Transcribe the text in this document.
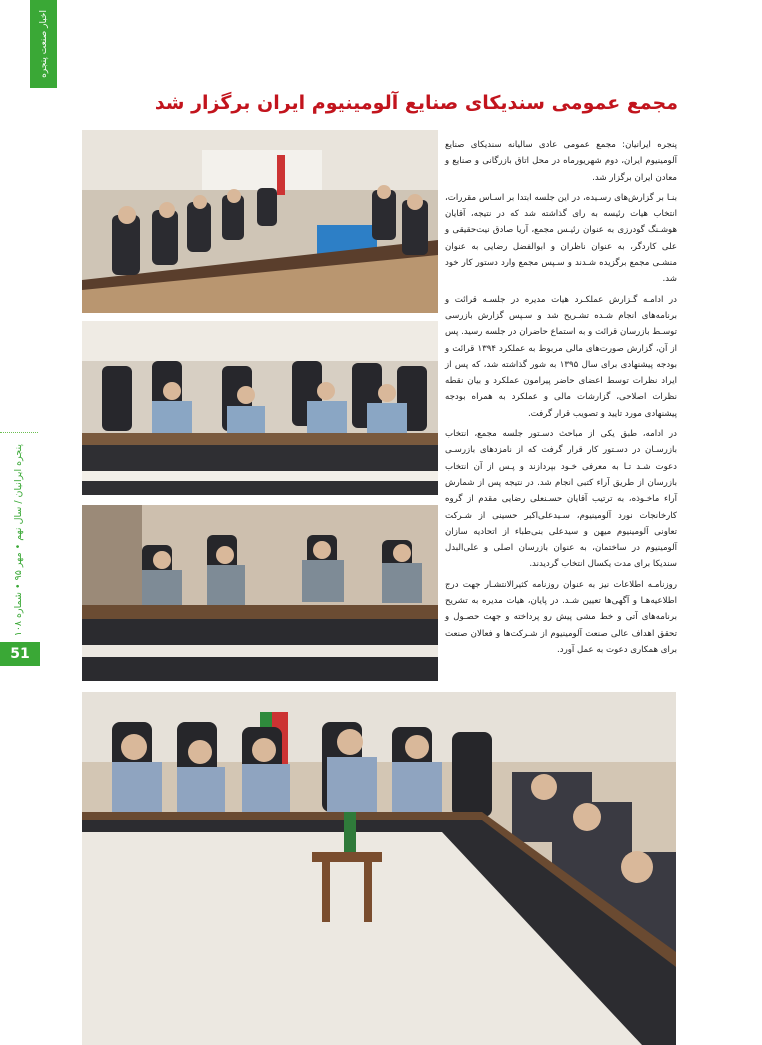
اخبار صنعت پنجره
پنجره ایرانیان / سال نهم • مهر ۹۵ • شماره ۱۰۸
51
مجمع عمومی سندیکای صنایع آلومینیوم ایران برگزار شد

پنجره ایرانیان: مجمع عمومی عادی سالیانه سندیکای صنایع آلومینیوم ایران، دوم شهریورماه در محل اتاق بازرگانی و صنایع و معادن ایران برگزار شد.

بنـا بر گزارش‌های رسـیده، در این جلسه ابتدا بر اسـاس مقررات، انتخاب هیات رئیسه به رای گذاشته شد که در نتیجه، آقایان هوشـنگ گودرزی به عنوان رئیـس مجمع، آریا صادق نیت‌حقیقی و علی کاردگر، به عنوان ناظران و ابوالفضل رضایی به عنوان منشـی مجمع برگزیده شـدند و سـپس مجمع وارد دستور کار خود شد.

در ادامـه گـزارش عملکـرد هیات مدیره در جلسـه قرائت و برنامه‌های انجام شـده تشـریح شد و سـپس گزارش بازرسی توسـط بازرسان قرائت و به استماع حاضران در جلسه رسید. پس از آن، گزارش صورت‌های مالی مربوط به عملکرد ۱۳۹۴ قرائت و بودجه پیشنهادی برای سال ۱۳۹۵ به شور گذاشته شد، که پس از ایراد نظرات توسط اعضای حاضر پیرامون عملکرد و بیان نقطه نظرات اصلاحی، گزارشات مالی و عملکرد به همراه بودجه پیشنهادی مورد تایید و تصویب قرار گرفت.

در ادامه، طبق یکی از مباحث دسـتور جلسه مجمع، انتخاب بازرسـان در دسـتور کار قرار گرفت که از نامزدهای بازرسـی دعوت شـد تـا به معرفی خـود بپردازند و پـس از آن انتخاب بازرسان از طریق آراء کتبی انجام شد. در نتیجه پس از شمارش آراء ماخـوذه، به ترتیب آقایان حسـنعلی رضایی مقدم از گروه کارخانجات نورد آلومینیوم، سـیدعلی‌اکبر حسینی از شـرکت تعاونی آلومینیوم میهن و سیدعلی بنی‌طباء از اتحادیه سازان آلومینیوم در ساختمان، به عنوان بازرسان اصلی و علی‌البدل سندیکا برای مدت یکسال انتخاب گردیدند.

روزنامـه اطلاعات نیز به عنوان روزنامه کثیرالانتشـار جهت درج اطلاعیه‌هـا و آگهی‌ها تعیین شـد. در پایان، هیات مدیره به تشریح برنامه‌های آتی و خط مشی پیش رو پرداخته و جهت حصـول و تحقق اهداف عالی صنعت آلومینیوم از شـرکت‌ها و فعالان صنعت برای همکاری دعوت به عمل آورد.
